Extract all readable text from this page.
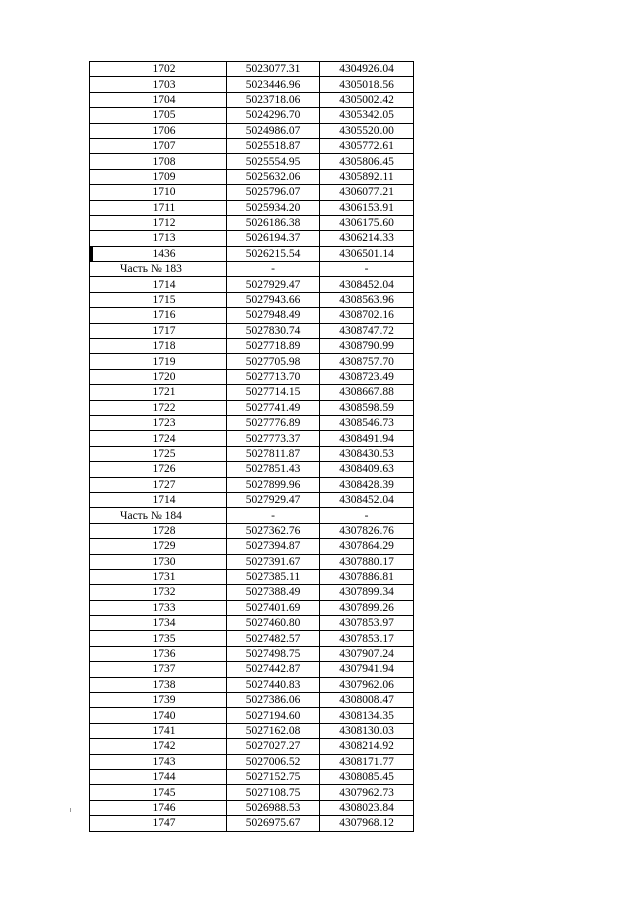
1702	5023077.31	4304926.04
1703	5023446.96	4305018.56
1704	5023718.06	4305002.42
1705	5024296.70	4305342.05
1706	5024986.07	4305520.00
1707	5025518.87	4305772.61
1708	5025554.95	4305806.45
1709	5025632.06	4305892.11
1710	5025796.07	4306077.21
1711	5025934.20	4306153.91
1712	5026186.38	4306175.60
1713	5026194.37	4306214.33
1436	5026215.54	4306501.14
Часть № 183	-	-
1714	5027929.47	4308452.04
1715	5027943.66	4308563.96
1716	5027948.49	4308702.16
1717	5027830.74	4308747.72
1718	5027718.89	4308790.99
1719	5027705.98	4308757.70
1720	5027713.70	4308723.49
1721	5027714.15	4308667.88
1722	5027741.49	4308598.59
1723	5027776.89	4308546.73
1724	5027773.37	4308491.94
1725	5027811.87	4308430.53
1726	5027851.43	4308409.63
1727	5027899.96	4308428.39
1714	5027929.47	4308452.04
Часть № 184	-	-
1728	5027362.76	4307826.76
1729	5027394.87	4307864.29
1730	5027391.67	4307880.17
1731	5027385.11	4307886.81
1732	5027388.49	4307899.34
1733	5027401.69	4307899.26
1734	5027460.80	4307853.97
1735	5027482.57	4307853.17
1736	5027498.75	4307907.24
1737	5027442.87	4307941.94
1738	5027440.83	4307962.06
1739	5027386.06	4308008.47
1740	5027194.60	4308134.35
1741	5027162.08	4308130.03
1742	5027027.27	4308214.92
1743	5027006.52	4308171.77
1744	5027152.75	4308085.45
1745	5027108.75	4307962.73
1746	5026988.53	4308023.84
1747	5026975.67	4307968.12
